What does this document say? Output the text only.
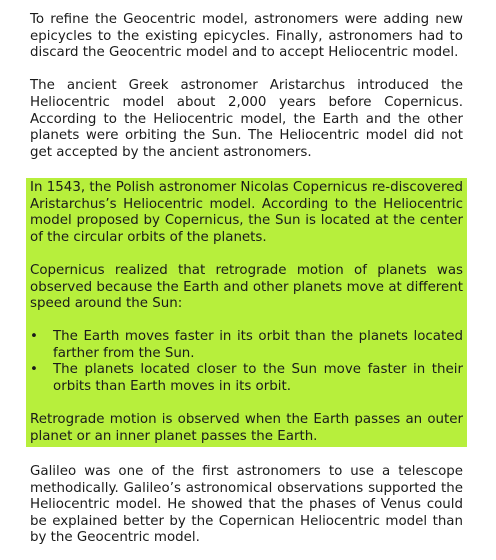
To refine the Geocentric model, astronomers were adding new epicycles to the existing epicycles. Finally, astronomers had to discard the Geocentric model and to accept Heliocentric model.

The ancient Greek astronomer Aristarchus introduced the Heliocentric model about 2,000 years before Copernicus. According to the Heliocentric model, the Earth and the other planets were orbiting the Sun. The Heliocentric model did not get accepted by the ancient astronomers.

In 1543, the Polish astronomer Nicolas Copernicus re-discovered Aristarchus’s Heliocentric model. According to the Heliocentric model proposed by Copernicus, the Sun is located at the center of the circular orbits of the planets.

Copernicus realized that retrograde motion of planets was observed because the Earth and other planets move at different speed around the Sun:

• The Earth moves faster in its orbit than the planets located farther from the Sun.
• The planets located closer to the Sun move faster in their orbits than Earth moves in its orbit.

Retrograde motion is observed when the Earth passes an outer planet or an inner planet passes the Earth.

Galileo was one of the first astronomers to use a telescope methodically. Galileo’s astronomical observations supported the Heliocentric model. He showed that the phases of Venus could be explained better by the Copernican Heliocentric model than by the Geocentric model.
